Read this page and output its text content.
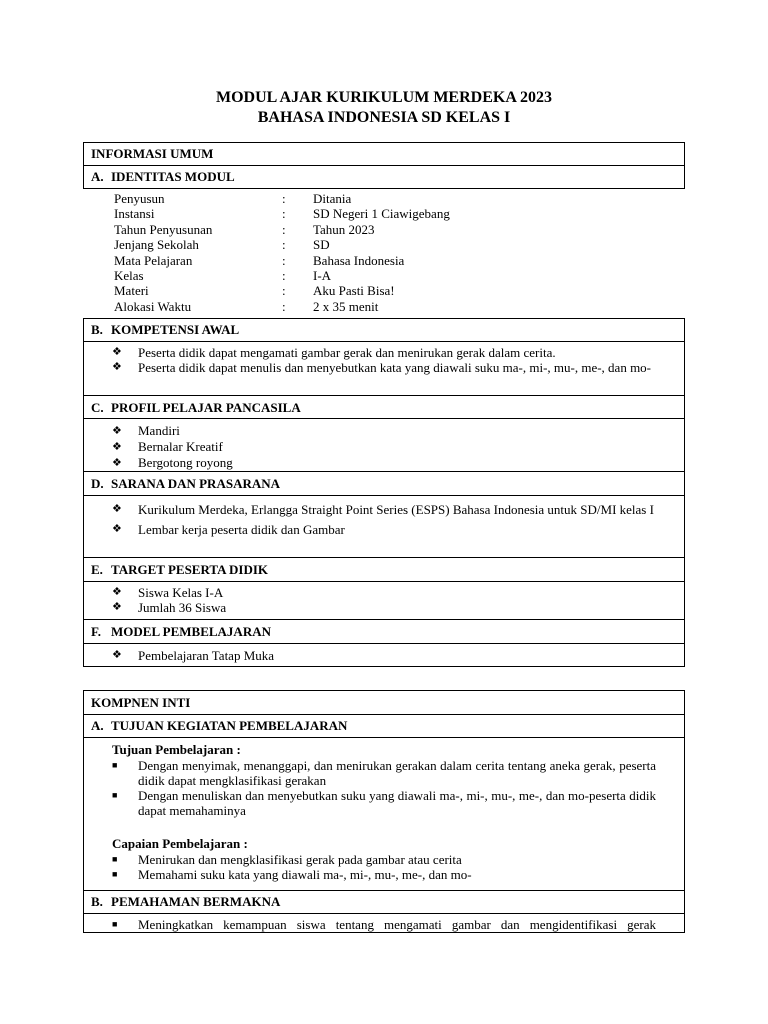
MODUL AJAR KURIKULUM MERDEKA 2023
BAHASA INDONESIA SD KELAS I
INFORMASI UMUM
A. IDENTITAS MODUL
Penyusun	:	Ditania
Instansi	:	SD Negeri 1 Ciawigebang
Tahun Penyusunan	:	Tahun 2023
Jenjang Sekolah	:	SD
Mata Pelajaran	:	Bahasa Indonesia
Kelas	:	I-A
Materi	:	Aku Pasti Bisa!
Alokasi Waktu	:	2 x 35 menit
B. KOMPETENSI AWAL
❖ Peserta didik dapat mengamati gambar gerak dan menirukan gerak dalam cerita.
❖ Peserta didik dapat menulis dan menyebutkan kata yang diawali suku ma-, mi-, mu-, me-, dan mo-
C. PROFIL PELAJAR PANCASILA
❖ Mandiri
❖ Bernalar Kreatif
❖ Bergotong royong
D. SARANA DAN PRASARANA
❖ Kurikulum Merdeka, Erlangga Straight Point Series (ESPS) Bahasa Indonesia untuk SD/MI kelas I
❖ Lembar kerja peserta didik dan Gambar
E. TARGET PESERTA DIDIK
❖ Siswa Kelas I-A
❖ Jumlah 36 Siswa
F. MODEL PEMBELAJARAN
❖ Pembelajaran Tatap Muka
KOMPNEN INTI
A. TUJUAN KEGIATAN PEMBELAJARAN
Tujuan Pembelajaran :
■ Dengan menyimak, menanggapi, dan menirukan gerakan dalam cerita tentang aneka gerak, peserta didik dapat mengklasifikasi gerakan
■ Dengan menuliskan dan menyebutkan suku yang diawali ma-, mi-, mu-, me-, dan mo-peserta didik dapat memahaminya
Capaian Pembelajaran :
■ Menirukan dan mengklasifikasi gerak pada gambar atau cerita
■ Memahami suku kata yang diawali ma-, mi-, mu-, me-, dan mo-
B. PEMAHAMAN BERMAKNA
■ Meningkatkan kemampuan siswa tentang mengamati gambar dan mengidentifikasi gerak
